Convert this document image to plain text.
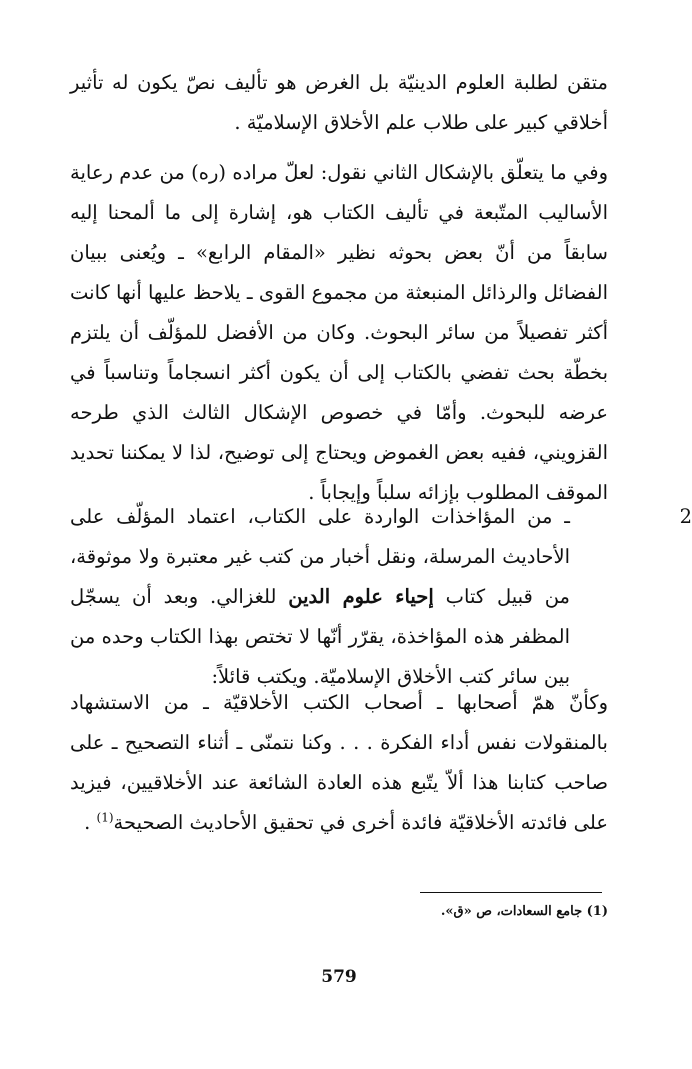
متقن لطلبة العلوم الدينيّة بل الغرض هو تأليف نصّ يكون له تأثير أخلاقي كبير على طلاب علم الأخلاق الإسلاميّة .

وفي ما يتعلّق بالإشكال الثاني نقول: لعلّ مراده (ره) من عدم رعاية الأساليب المتّبعة في تأليف الكتاب هو، إشارة إلى ما ألمحنا إليه سابقاً من أنّ بعض بحوثه نظير «المقام الرابع» ـ ويُعنى ببيان الفضائل والرذائل المنبعثة من مجموع القوى ـ يلاحظ عليها أنها كانت أكثر تفصيلاً من سائر البحوث. وكان من الأفضل للمؤلّف أن يلتزم بخطّة بحث تفضي بالكتاب إلى أن يكون أكثر انسجاماً وتناسباً في عرضه للبحوث. وأمّا في خصوص الإشكال الثالث الذي طرحه القزويني، ففيه بعض الغموض ويحتاج إلى توضيح، لذا لا يمكننا تحديد الموقف المطلوب بإزائه سلباً وإيجاباً .

2
ـ من المؤاخذات الواردة على الكتاب، اعتماد المؤلّف على الأحاديث المرسلة، ونقل أخبار من كتب غير معتبرة ولا موثوقة، من قبيل كتاب إحياء علوم الدين للغزالي. وبعد أن يسجّل المظفر هذه المؤاخذة، يقرّر أنّها لا تختص بهذا الكتاب وحده من بين سائر كتب الأخلاق الإسلاميّة. ويكتب قائلاً:

وكأنّ همّ أصحابها ـ أصحاب الكتب الأخلاقيّة ـ من الاستشهاد بالمنقولات نفس أداء الفكرة . . . وكنا نتمنّى ـ أثناء التصحيح ـ على صاحب كتابنا هذا ألاّ يتّبع هذه العادة الشائعة عند الأخلاقيين، فيزيد على فائدته الأخلاقيّة فائدة أخرى في تحقيق الأحاديث الصحيحة$^{(1)}$ .

(1) جامع السعادات، ص «ق».
579
